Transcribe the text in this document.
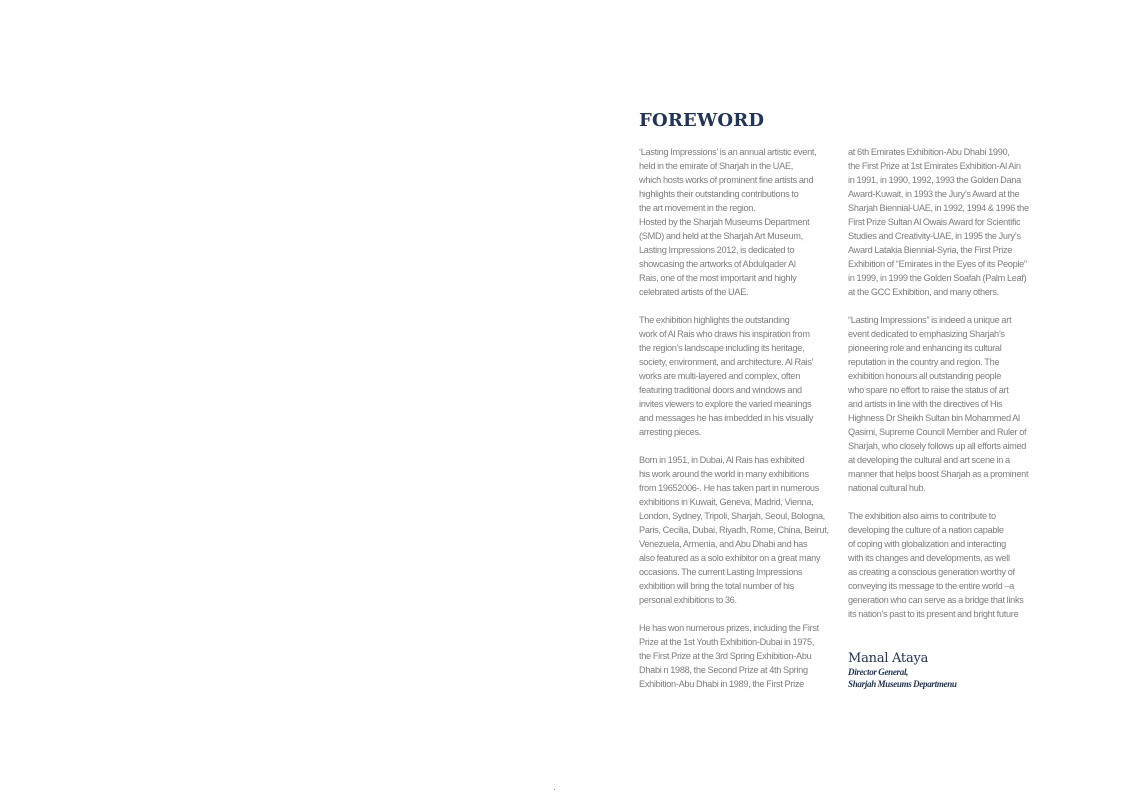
FOREWORD

‘Lasting Impressions’ is an annual artistic event,
held in the emirate of Sharjah in the UAE,
which hosts works of prominent fine artists and
highlights their outstanding contributions to
the art movement in the region.

Hosted by the Sharjah Museums Department
(SMD) and held at the Sharjah Art Museum,
Lasting Impressions 2012, is dedicated to
showcasing the artworks of Abdulqader Al
Rais, one of the most important and highly
celebrated artists of the UAE.

The exhibition highlights the outstanding
work of Al Rais who draws his inspiration from
the region’s landscape including its heritage,
society, environment, and architecture. Al Rais’
works are multi-layered and complex, often
featuring traditional doors and windows and
invites viewers to explore the varied meanings
and messages he has imbedded in his visually
arresting pieces.

Born in 1951, in Dubai, Al Rais has exhibited
his work around the world in many exhibitions
from 19652006-. He has taken part in numerous
exhibitions in Kuwait, Geneva, Madrid, Vienna,
London, Sydney, Tripoli, Sharjah, Seoul, Bologna,
Paris, Cecilia, Dubai, Riyadh, Rome, China, Beirut,
Venezuela, Armenia, and Abu Dhabi and has
also featured as a solo exhibitor on a great many
occasions. The current Lasting Impressions
exhibition will bring the total number of his
personal exhibitions to 36.

He has won numerous prizes, including the First
Prize at the 1st Youth Exhibition-Dubai in 1975,
the First Prize at the 3rd Spring Exhibition-Abu
Dhabi n 1988, the Second Prize at 4th Spring
Exhibition-Abu Dhabi in 1989, the First Prize

at 6th Emirates Exhibition-Abu Dhabi 1990,
the First Prize at 1st Emirates Exhibition-Al Ain
in 1991, in 1990, 1992, 1993 the Golden Dana
Award-Kuwait, in 1993 the Jury’s Award at the
Sharjah Biennial-UAE, in 1992, 1994 & 1996 the
First Prize Sultan Al Owais Award for Scientific
Studies and Creativity-UAE, in 1995 the Jury’s
Award Latakia Biennial-Syria, the First Prize
Exhibition of “Emirates in the Eyes of its People”
in 1999, in 1999 the Golden Soafah (Palm Leaf)
at the GCC Exhibition, and many others.

“Lasting Impressions” is indeed a unique art
event dedicated to emphasizing Sharjah’s
pioneering role and enhancing its cultural
reputation in the country and region. The
exhibition honours all outstanding people
who spare no effort to raise the status of art
and artists in line with the directives of His
Highness Dr Sheikh Sultan bin Mohammed Al
Qasimi, Supreme Council Member and Ruler of
Sharjah, who closely follows up all efforts aimed
at developing the cultural and art scene in a
manner that helps boost Sharjah as a prominent
national cultural hub.

The exhibition also aims to contribute to
developing the culture of a nation capable
of coping with globalization and interacting
with its changes and developments, as well
as creating a conscious generation worthy of
conveying its message to the entire world –a
generation who can serve as a bridge that links
its nation’s past to its present and bright future

Manal Ataya
Director General,
Sharjah Museums Departmenu
